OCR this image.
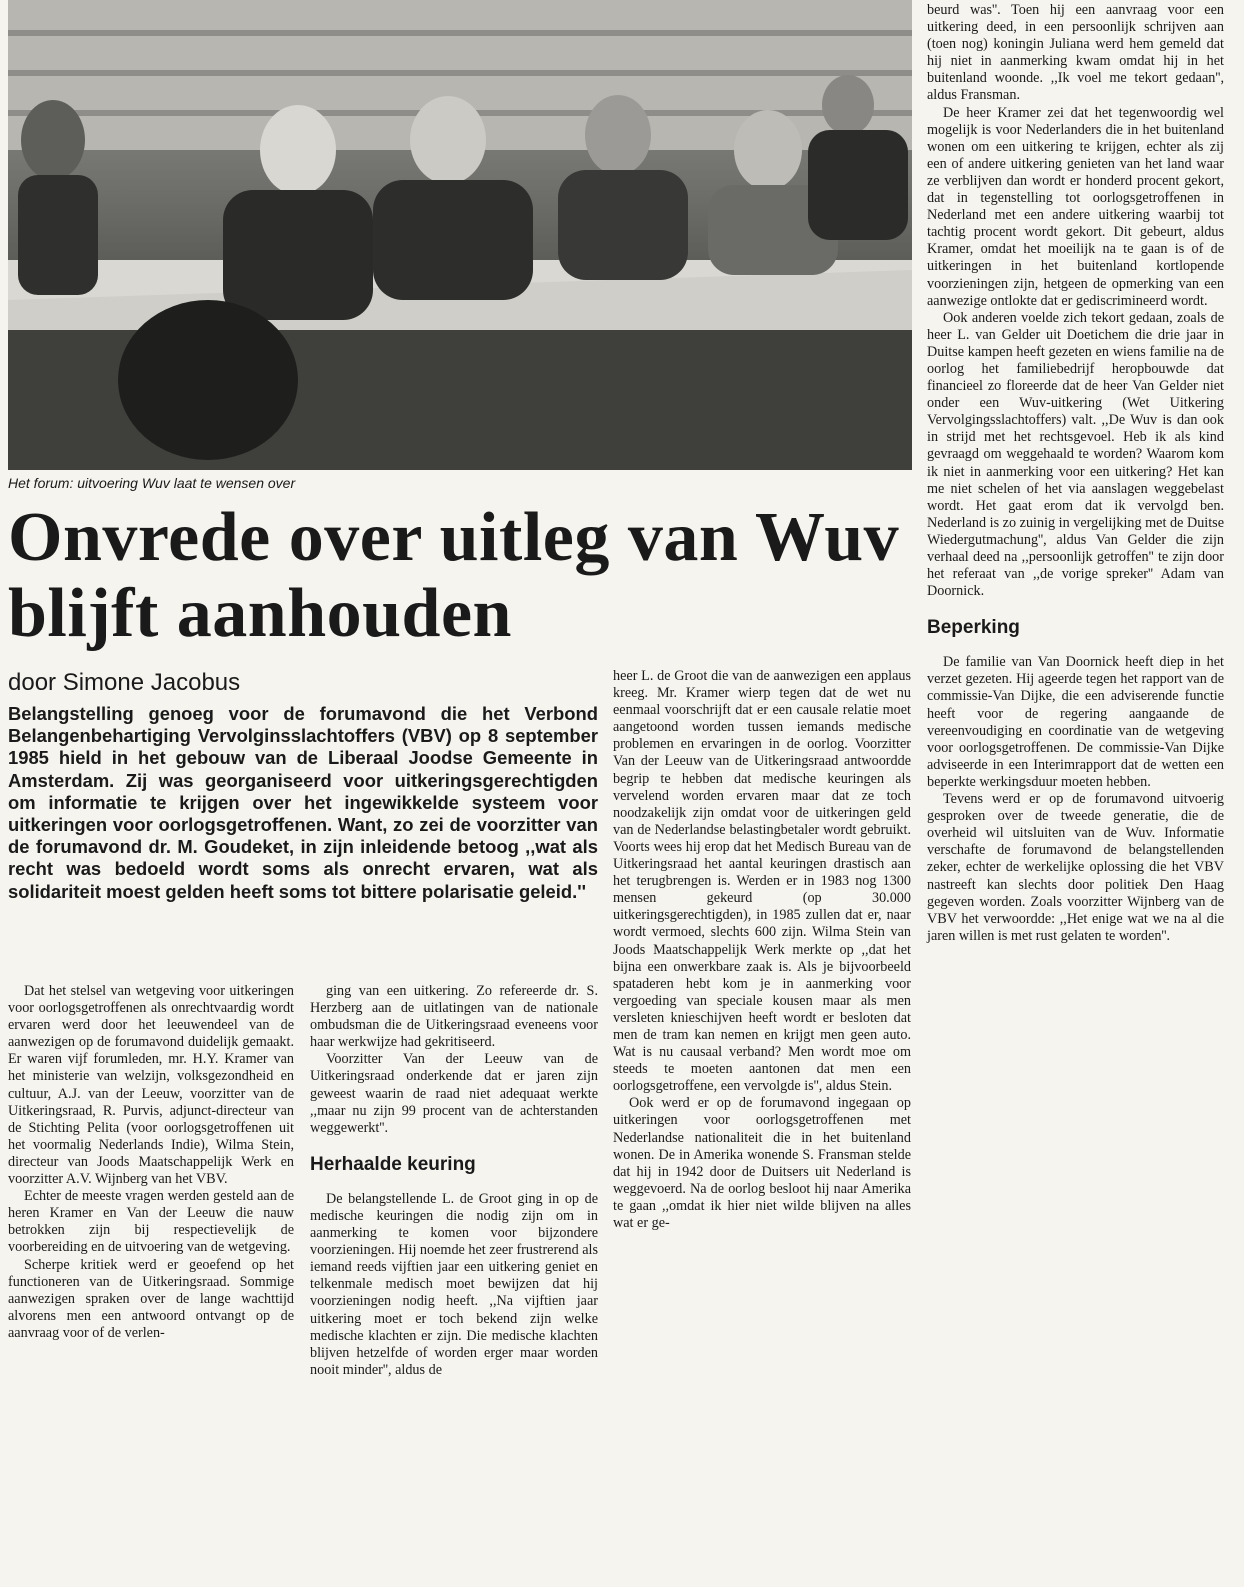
Het forum: uitvoering Wuv laat te wensen over
Onvrede over uitleg van Wuv blijft aanhouden
door Simone Jacobus

Belangstelling genoeg voor de forumavond die het Verbond Belangenbehartiging Vervolginsslachtoffers (VBV) op 8 september 1985 hield in het gebouw van de Liberaal Joodse Gemeente in Amsterdam. Zij was georganiseerd voor uitkeringsgerechtigden om informatie te krijgen over het ingewikkelde systeem voor uitkeringen voor oorlogsgetroffenen. Want, zo zei de voorzitter van de forumavond dr. M. Goudeket, in zijn inleidende betoog ,,wat als recht was bedoeld wordt soms als onrecht ervaren, wat als solidariteit moest gelden heeft soms tot bittere polarisatie geleid.''

Dat het stelsel van wetgeving voor uitkeringen voor oorlogsgetroffenen als onrechtvaardig wordt ervaren werd door het leeuwendeel van de aanwezigen op de forumavond duidelijk gemaakt. Er waren vijf forumleden, mr. H.Y. Kramer van het ministerie van welzijn, volksgezondheid en cultuur, A.J. van der Leeuw, voorzitter van de Uitkeringsraad, R. Purvis, adjunct-directeur van de Stichting Pelita (voor oorlogsgetroffenen uit het voormalig Nederlands Indie), Wilma Stein, directeur van Joods Maatschappelijk Werk en voorzitter A.V. Wijnberg van het VBV.

Echter de meeste vragen werden gesteld aan de heren Kramer en Van der Leeuw die nauw betrokken zijn bij respectievelijk de voorbereiding en de uitvoering van de wetgeving.

Scherpe kritiek werd er geoefend op het functioneren van de Uitkeringsraad. Sommige aanwezigen spraken over de lange wachttijd alvorens men een antwoord ontvangt op de aanvraag voor of de verlen-

ging van een uitkering. Zo refereerde dr. S. Herzberg aan de uitlatingen van de nationale ombudsman die de Uitkeringsraad eveneens voor haar werkwijze had gekritiseerd.

Voorzitter Van der Leeuw van de Uitkeringsraad onderkende dat er jaren zijn geweest waarin de raad niet adequaat werkte ,,maar nu zijn 99 procent van de achterstanden weggewerkt''.

Herhaalde keuring

De belangstellende L. de Groot ging in op de medische keuringen die nodig zijn om in aanmerking te komen voor bijzondere voorzieningen. Hij noemde het zeer frustrerend als iemand reeds vijftien jaar een uitkering geniet en telkenmale medisch moet bewijzen dat hij voorzieningen nodig heeft. ,,Na vijftien jaar uitkering moet er toch bekend zijn welke medische klachten er zijn. Die medische klachten blijven hetzelfde of worden erger maar worden nooit minder'', aldus de

heer L. de Groot die van de aanwezigen een applaus kreeg. Mr. Kramer wierp tegen dat de wet nu eenmaal voorschrijft dat er een causale relatie moet aangetoond worden tussen iemands medische problemen en ervaringen in de oorlog. Voorzitter Van der Leeuw van de Uitkeringsraad antwoordde begrip te hebben dat medische keuringen als vervelend worden ervaren maar dat ze toch noodzakelijk zijn omdat voor de uitkeringen geld van de Nederlandse belastingbetaler wordt gebruikt. Voorts wees hij erop dat het Medisch Bureau van de Uitkeringsraad het aantal keuringen drastisch aan het terugbrengen is. Werden er in 1983 nog 1300 mensen gekeurd (op 30.000 uitkeringsgerechtigden), in 1985 zullen dat er, naar wordt vermoed, slechts 600 zijn. Wilma Stein van Joods Maatschappelijk Werk merkte op ,,dat het bijna een onwerkbare zaak is. Als je bijvoorbeeld spataderen hebt kom je in aanmerking voor vergoeding van speciale kousen maar als men versleten knieschijven heeft wordt er besloten dat men de tram kan nemen en krijgt men geen auto. Wat is nu causaal verband? Men wordt moe om steeds te moeten aantonen dat men een oorlogsgetroffene, een vervolgde is'', aldus Stein.

Ook werd er op de forumavond ingegaan op uitkeringen voor oorlogsgetroffenen met Nederlandse nationaliteit die in het buitenland wonen. De in Amerika wonende S. Fransman stelde dat hij in 1942 door de Duitsers uit Nederland is weggevoerd. Na de oorlog besloot hij naar Amerika te gaan ,,omdat ik hier niet wilde blijven na alles wat er ge-

beurd was''. Toen hij een aanvraag voor een uitkering deed, in een persoonlijk schrijven aan (toen nog) koningin Juliana werd hem gemeld dat hij niet in aanmerking kwam omdat hij in het buitenland woonde. ,,Ik voel me tekort gedaan'', aldus Fransman.

De heer Kramer zei dat het tegenwoordig wel mogelijk is voor Nederlanders die in het buitenland wonen om een uitkering te krijgen, echter als zij een of andere uitkering genieten van het land waar ze verblijven dan wordt er honderd procent gekort, dat in tegenstelling tot oorlogsgetroffenen in Nederland met een andere uitkering waarbij tot tachtig procent wordt gekort. Dit gebeurt, aldus Kramer, omdat het moeilijk na te gaan is of de uitkeringen in het buitenland kortlopende voorzieningen zijn, hetgeen de opmerking van een aanwezige ontlokte dat er gediscrimineerd wordt.

Ook anderen voelde zich tekort gedaan, zoals de heer L. van Gelder uit Doetichem die drie jaar in Duitse kampen heeft gezeten en wiens familie na de oorlog het familiebedrijf heropbouwde dat financieel zo floreerde dat de heer Van Gelder niet onder een Wuv-uitkering (Wet Uitkering Vervolgingsslachtoffers) valt. ,,De Wuv is dan ook in strijd met het rechtsgevoel. Heb ik als kind gevraagd om weggehaald te worden? Waarom kom ik niet in aanmerking voor een uitkering? Het kan me niet schelen of het via aanslagen weggebelast wordt. Het gaat erom dat ik vervolgd ben. Nederland is zo zuinig in vergelijking met de Duitse Wiedergutmachung'', aldus Van Gelder die zijn verhaal deed na ,,persoonlijk getroffen'' te zijn door het referaat van ,,de vorige spreker'' Adam van Doornick.

Beperking

De familie van Van Doornick heeft diep in het verzet gezeten. Hij ageerde tegen het rapport van de commissie-Van Dijke, die een adviserende functie heeft voor de regering aangaande de vereenvoudiging en coordinatie van de wetgeving voor oorlogsgetroffenen. De commissie-Van Dijke adviseerde in een Interimrapport dat de wetten een beperkte werkingsduur moeten hebben.

Tevens werd er op de forumavond uitvoerig gesproken over de tweede generatie, die de overheid wil uitsluiten van de Wuv. Informatie verschafte de forumavond de belangstellenden zeker, echter de werkelijke oplossing die het VBV nastreeft kan slechts door politiek Den Haag gegeven worden. Zoals voorzitter Wijnberg van de VBV het verwoordde: ,,Het enige wat we na al die jaren willen is met rust gelaten te worden''.
